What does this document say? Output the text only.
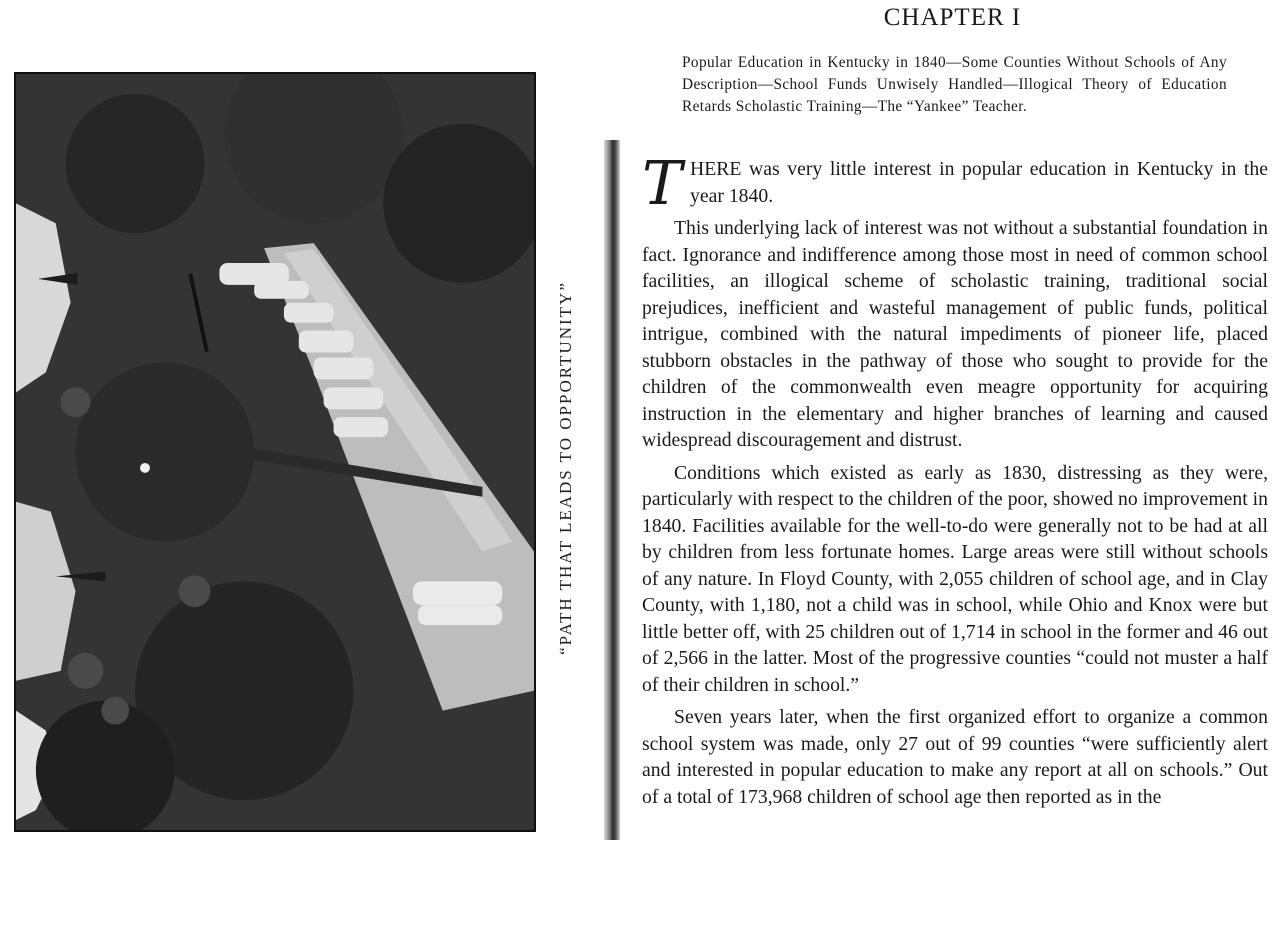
“PATH THAT LEADS TO OPPORTUNITY”
CHAPTER I
Popular Education in Kentucky in 1840—Some Counties Without Schools of Any Description—School Funds Unwisely Handled—Illogical Theory of Education Retards Scholastic Training—The “Yankee” Teacher.

THERE was very little interest in popular education in Kentucky in the year 1840.

This underlying lack of interest was not without a substantial foundation in fact. Ignorance and indifference among those most in need of common school facilities, an illogical scheme of scholastic training, traditional social prejudices, inefficient and wasteful management of public funds, political intrigue, combined with the natural impediments of pioneer life, placed stubborn obstacles in the pathway of those who sought to provide for the children of the commonwealth even meagre opportunity for acquiring instruction in the elementary and higher branches of learning and caused widespread discouragement and distrust.

Conditions which existed as early as 1830, distressing as they were, particularly with respect to the children of the poor, showed no improvement in 1840. Facilities available for the well-to-do were generally not to be had at all by children from less fortunate homes. Large areas were still without schools of any nature. In Floyd County, with 2,055 children of school age, and in Clay County, with 1,180, not a child was in school, while Ohio and Knox were but little better off, with 25 children out of 1,714 in school in the former and 46 out of 2,566 in the latter. Most of the progressive counties “could not muster a half of their children in school.”

Seven years later, when the first organized effort to organize a common school system was made, only 27 out of 99 counties “were sufficiently alert and interested in popular education to make any report at all on schools.” Out of a total of 173,968 children of school age then reported as in the
